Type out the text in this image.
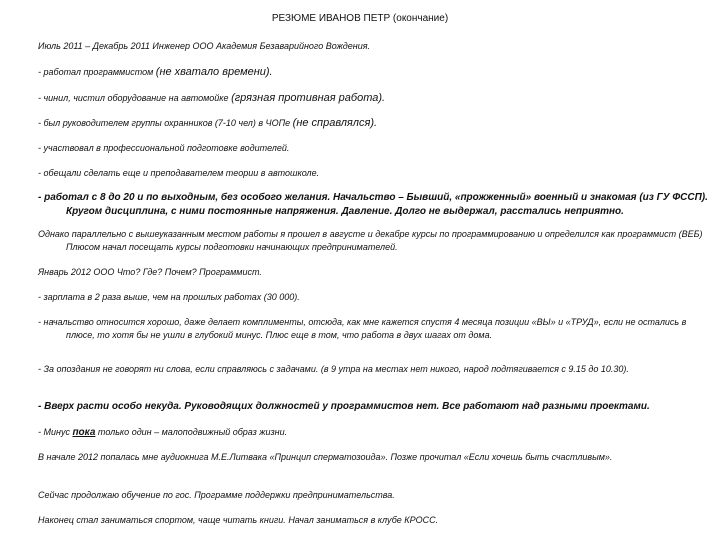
РЕЗЮМЕ ИВАНОВ ПЕТР (окончание)
Июль 2011 – Декабрь 2011 Инженер ООО Академия Безаварийного Вождения.
- работал программистом (не хватало времени).
- чинил, чистил оборудование на автомойке (грязная противная работа).
- был руководителем группы охранников (7-10 чел) в ЧОПе (не справлялся).
- участвовал в профессиональной подготовке водителей.
- обещали сделать еще и преподавателем теории в автошколе.
- работал с 8 до 20 и по выходным, без особого желания. Начальство – Бывший, «прожженный» военный и знакомая (из ГУ ФССП). Кругом дисциплина, с ними постоянные напряжения. Давление. Долго не выдержал, расстались неприятно.
Однако параллельно с вышеуказанным местом работы я прошел в августе и декабре курсы по программированию и определился как программист (ВЕБ) Плюсом начал посещать курсы подготовки начинающих предпринимателей.
Январь 2012 ООО Что? Где? Почем? Программист.
- зарплата в 2 раза выше, чем на прошлых работах (30 000).
- начальство относится хорошо, даже делает комплименты, отсюда, как мне кажется спустя 4 месяца позиции «ВЫ» и «ТРУД», если не остались в плюсе, то хотя бы не ушли в глубокий минус. Плюс еще в том, что работа в двух шагах от дома.
- За опоздания не говорят ни слова, если справляюсь с задачами. (в 9 утра на местах нет никого, народ подтягивается с 9.15 до 10.30).
- Вверх расти особо некуда. Руководящих должностей у программистов нет. Все работают над разными проектами.
- Минус пока только один – малоподвижный образ жизни.
В начале 2012 попалась мне аудиокнига М.Е.Литвака «Принцип сперматозоида». Позже прочитал «Если хочешь быть счастливым».
Сейчас продолжаю обучение по гос. Программе поддержки предпринимательства.
Наконец стал заниматься спортом, чаще читать книги. Начал заниматься в клубе КРОСС.
